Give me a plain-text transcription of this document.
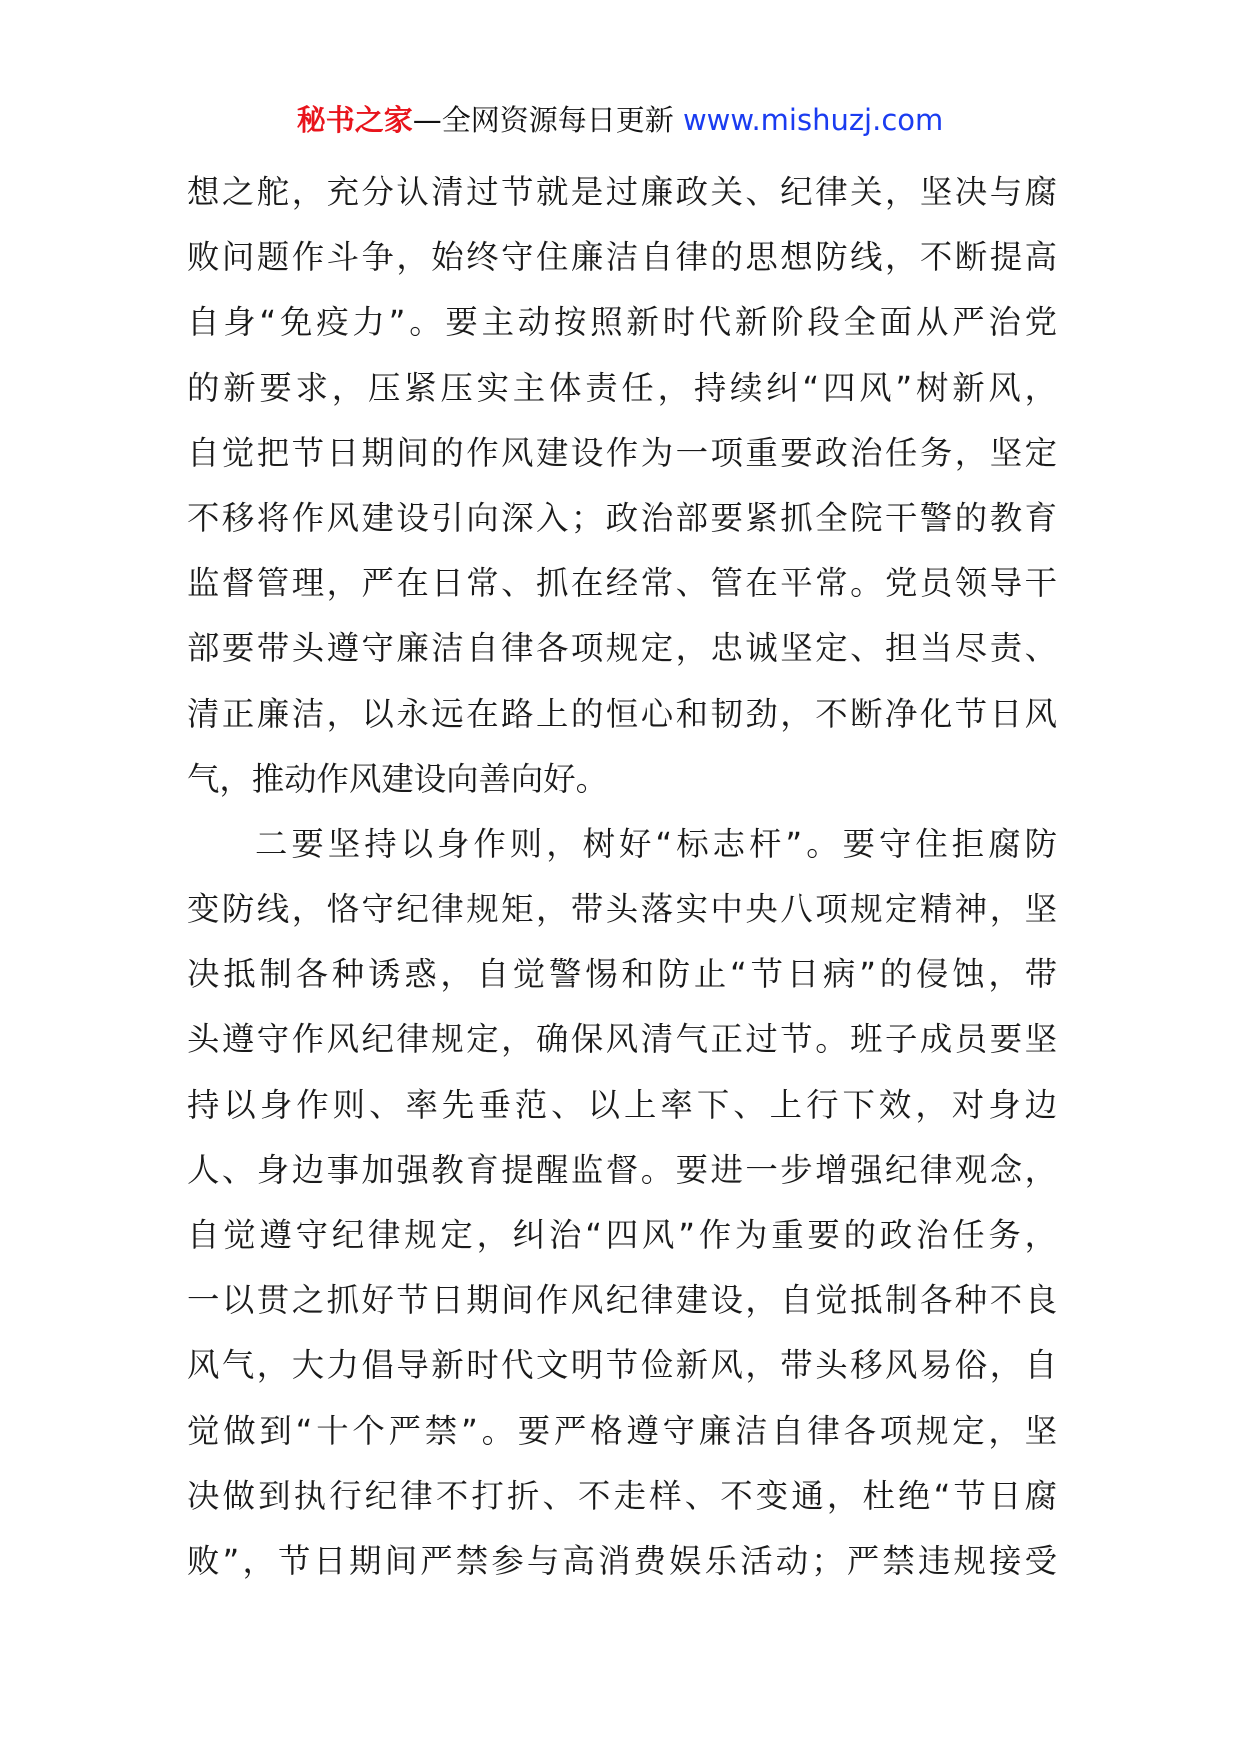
秘书之家—全网资源每日更新 www.mishuzj.com
想之舵，充分认清过节就是过廉政关、纪律关，坚决与腐
败问题作斗争，始终守住廉洁自律的思想防线，不断提高
自身“免疫力”。要主动按照新时代新阶段全面从严治党
的新要求，压紧压实主体责任，持续纠“四风”树新风，
自觉把节日期间的作风建设作为一项重要政治任务，坚定
不移将作风建设引向深入；政治部要紧抓全院干警的教育
监督管理，严在日常、抓在经常、管在平常。党员领导干
部要带头遵守廉洁自律各项规定，忠诚坚定、担当尽责、
清正廉洁，以永远在路上的恒心和韧劲，不断净化节日风
气，推动作风建设向善向好。
二要坚持以身作则，树好“标志杆”。要守住拒腐防
变防线，恪守纪律规矩，带头落实中央八项规定精神，坚
决抵制各种诱惑，自觉警惕和防止“节日病”的侵蚀，带
头遵守作风纪律规定，确保风清气正过节。班子成员要坚
持以身作则、率先垂范、以上率下、上行下效，对身边
人、身边事加强教育提醒监督。要进一步增强纪律观念，
自觉遵守纪律规定，纠治“四风”作为重要的政治任务，
一以贯之抓好节日期间作风纪律建设，自觉抵制各种不良
风气，大力倡导新时代文明节俭新风，带头移风易俗，自
觉做到“十个严禁”。要严格遵守廉洁自律各项规定，坚
决做到执行纪律不打折、不走样、不变通，杜绝“节日腐
败”，节日期间严禁参与高消费娱乐活动；严禁违规接受
